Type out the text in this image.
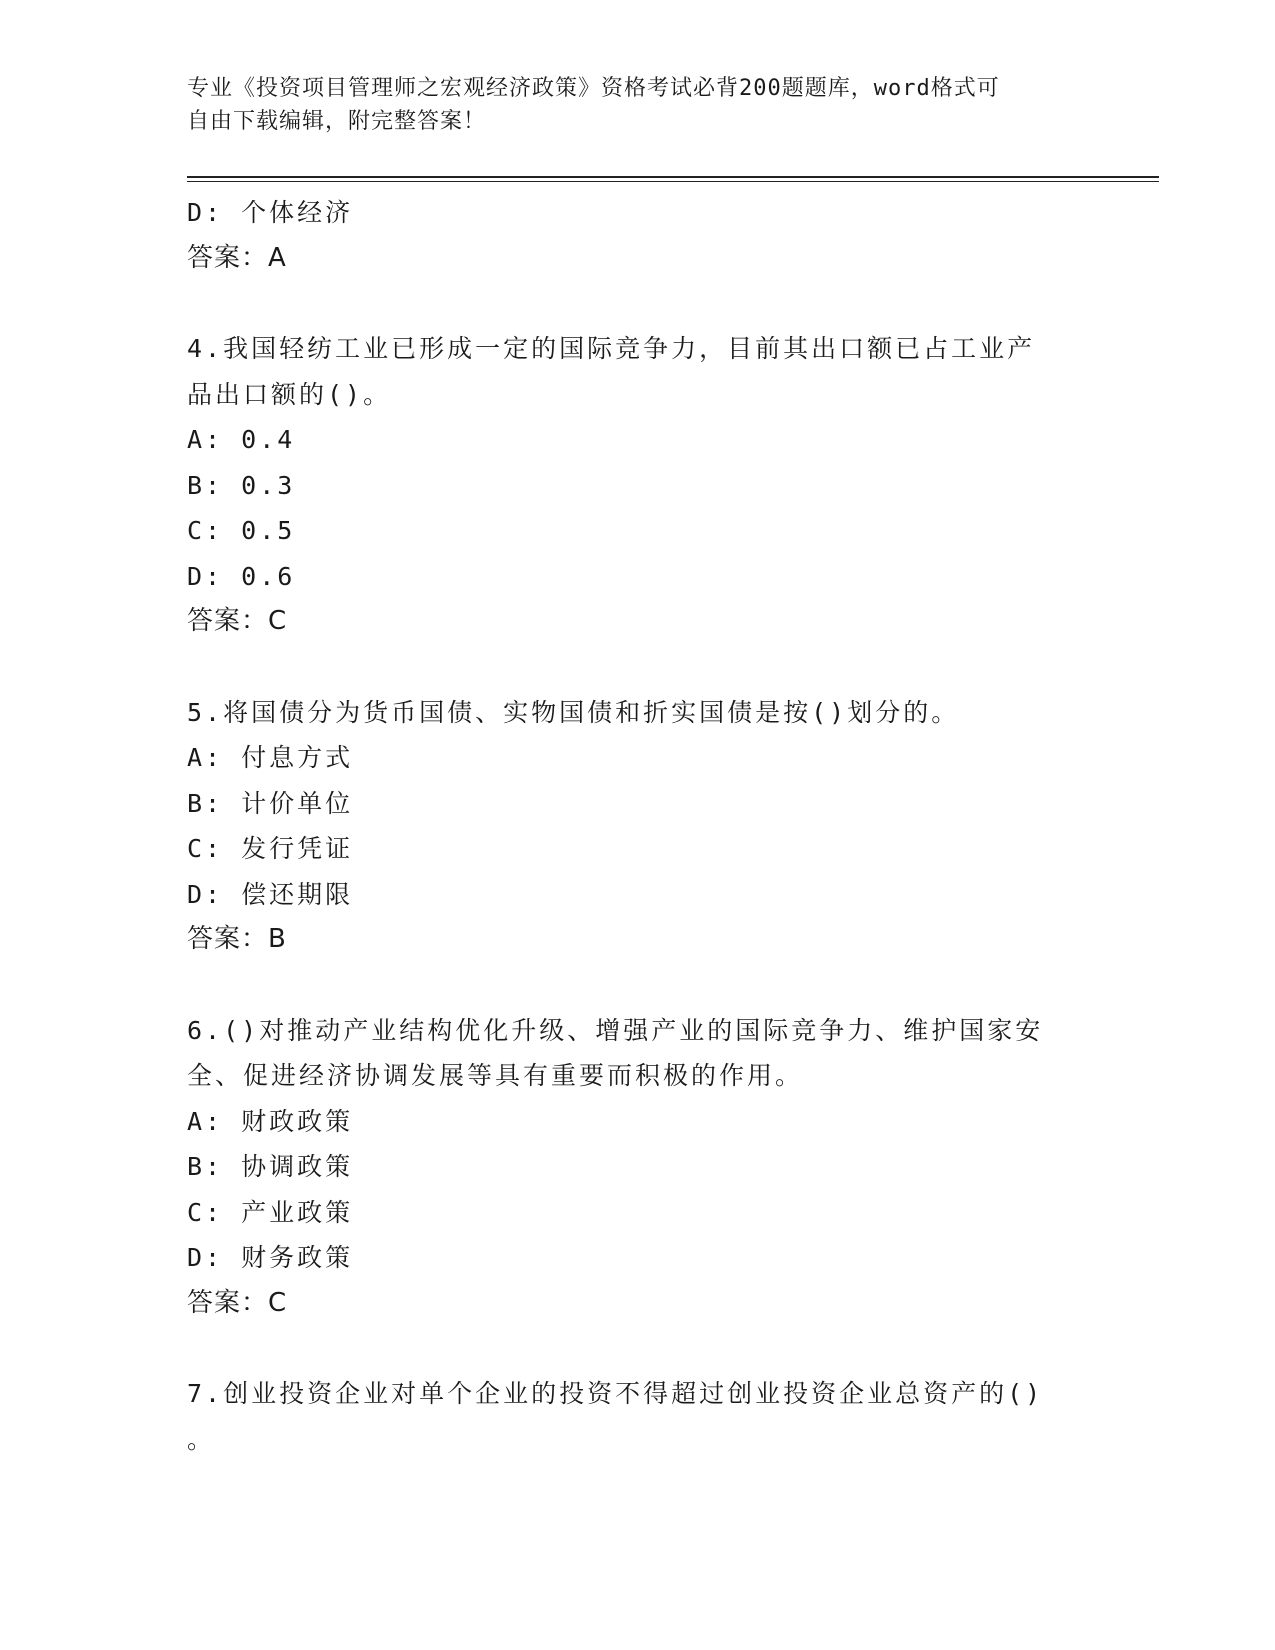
专业《投资项目管理师之宏观经济政策》资格考试必背200题题库，word格式可
自由下载编辑，附完整答案！
D: 个体经济
答案：A
4.我国轻纺工业已形成一定的国际竞争力，目前其出口额已占工业产
品出口额的()。
A: 0.4
B: 0.3
C: 0.5
D: 0.6
答案：C
5.将国债分为货币国债、实物国债和折实国债是按()划分的。
A: 付息方式
B: 计价单位
C: 发行凭证
D: 偿还期限
答案：B
6.()对推动产业结构优化升级、增强产业的国际竞争力、维护国家安
全、促进经济协调发展等具有重要而积极的作用。
A: 财政政策
B: 协调政策
C: 产业政策
D: 财务政策
答案：C
7.创业投资企业对单个企业的投资不得超过创业投资企业总资产的()
。
